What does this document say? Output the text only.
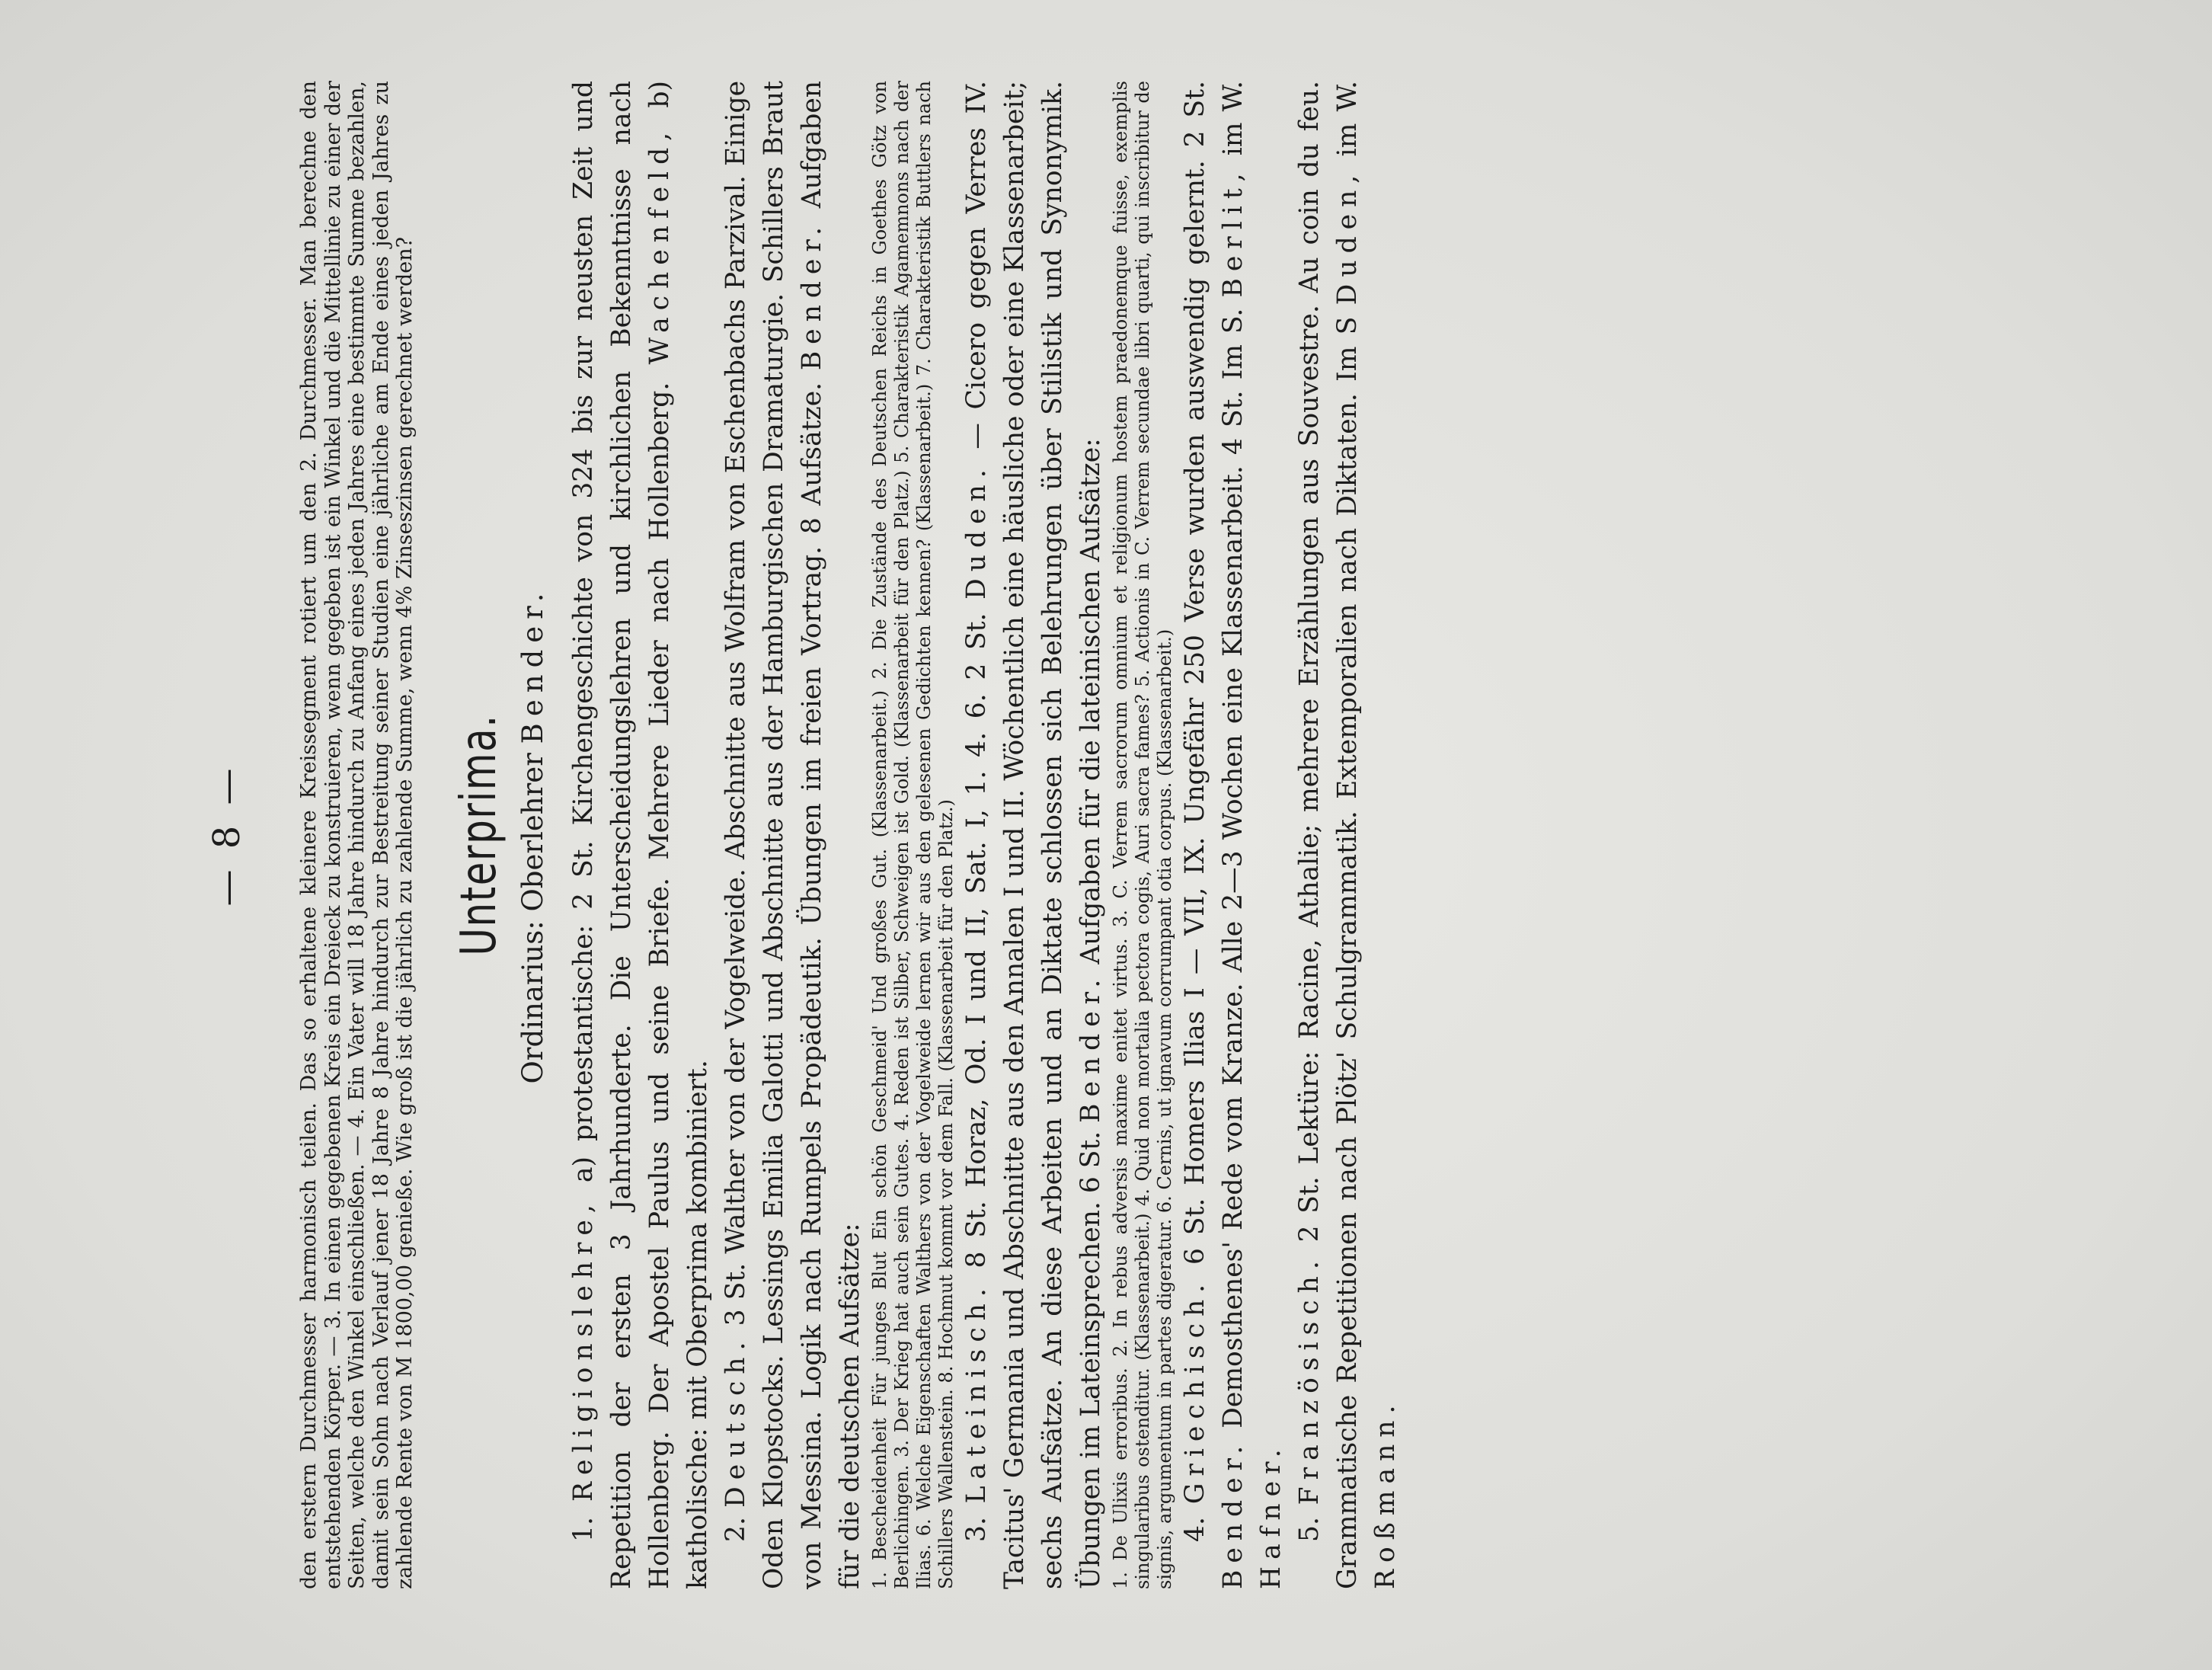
— 8 — den erstern Durchmesser harmonisch teilen. Das so erhaltene kleinere Kreissegment rotiert um den 2. Durchmesser. Man berechne den entstehenden Körper. — 3. In einen gegebenen Kreis ein Dreieck zu konstruieren, wenn gegeben ist ein Winkel und die Mittellinie zu einer der Seiten, welche den Winkel einschließen. — 4. Ein Vater will 18 Jahre hindurch zu Anfang eines jeden Jahres eine bestimmte Summe bezahlen, damit sein Sohn nach Verlauf jener 18 Jahre 8 Jahre hindurch zur Bestreitung seiner Studien eine jährliche am Ende eines jeden Jahres zu zahlende Rente von M 1800,00 genieße. Wie groß ist die jährlich zu zahlende Summe, wenn 4% Zinseszinsen gerechnet werden? Unterprima. Ordinarius: Oberlehrer Bender.

1. Religionslehre, a) protestantische: 2 St. Kirchengeschichte von 324 bis zur neusten Zeit und Repetition der ersten 3 Jahrhunderte. Die Unterscheidungslehren und kirchlichen Bekenntnisse nach Hollenberg. Der Apostel Paulus und seine Briefe. Mehrere Lieder nach Hollenberg. Wachenfeld, b) katholische: mit Oberprima kombiniert. 2. Deutsch. 3 St. Walther von der Vogelweide. Abschnitte aus Wolfram von Eschenbachs Parzival. Einige Oden Klopstocks. Lessings Emilia Galotti und Abschnitte aus der Hamburgischen Dramaturgie. Schillers Braut von Messina. Logik nach Rumpels Propädeutik. Übungen im freien Vortrag. 8 Aufsätze. Bender. Aufgaben für die deutschen Aufsätze: 1. Bescheidenheit Für junges Blut Ein schön Geschmeid' Und großes Gut. (Klassenarbeit.) 2. Die Zustände des Deutschen Reichs in Goethes Götz von Berlichingen. 3. Der Krieg hat auch sein Gutes. 4. Reden ist Silber, Schweigen ist Gold. (Klassenarbeit für den Platz.) 5. Charakteristik Agamemnons nach der Ilias. 6. Welche Eigenschaften Walthers von der Vogelweide lernen wir aus den gelesenen Gedichten kennen? (Klassenarbeit.) 7. Charakteristik Buttlers nach Schillers Wallenstein. 8. Hochmut kommt vor dem Fall. (Klassenarbeit für den Platz.) 3. Lateinisch. 8 St. Horaz, Od. I und II, Sat. I, 1. 4. 6. 2 St. Duden. — Cicero gegen Verres IV. Tacitus' Germania und Abschnitte aus den Annalen I und II. Wöchentlich eine häusliche oder eine Klassenarbeit; sechs Aufsätze. An diese Arbeiten und an Diktate schlossen sich Belehrungen über Stilistik und Synonymik. Übungen im Lateinsprechen. 6 St. Bender. Aufgaben für die lateinischen Aufsätze: 1. De Ulixis erroribus. 2. In rebus adversis maxime enitet virtus. 3. C. Verrem sacrorum omnium et religionum hostem praedonemque fuisse, exemplis singularibus ostenditur. (Klassenarbeit.) 4. Quid non mortalia pectora cogis, Auri sacra fames? 5. Actionis in C. Verrem secundae libri quarti, qui inscribitur de signis, argumentum in partes digeratur. 6. Cernis, ut ignavum corrumpant otia corpus. (Klassenarbeit.) 4. Griechisch. 6 St. Homers Ilias I — VII, IX. Ungefähr 250 Verse wurden auswendig gelernt. 2 St. Bender. Demosthenes' Rede vom Kranze. Alle 2—3 Wochen eine Klassenarbeit. 4 St. Im S. Berlit, im W. Hafner. 5. Französisch. 2 St. Lektüre: Racine, Athalie; mehrere Erzählungen aus Souvestre. Au coin du feu. Grammatische Repetitionen nach Plötz' Schulgrammatik. Extemporalien nach Diktaten. Im S Duden, im W. Roßmann.
